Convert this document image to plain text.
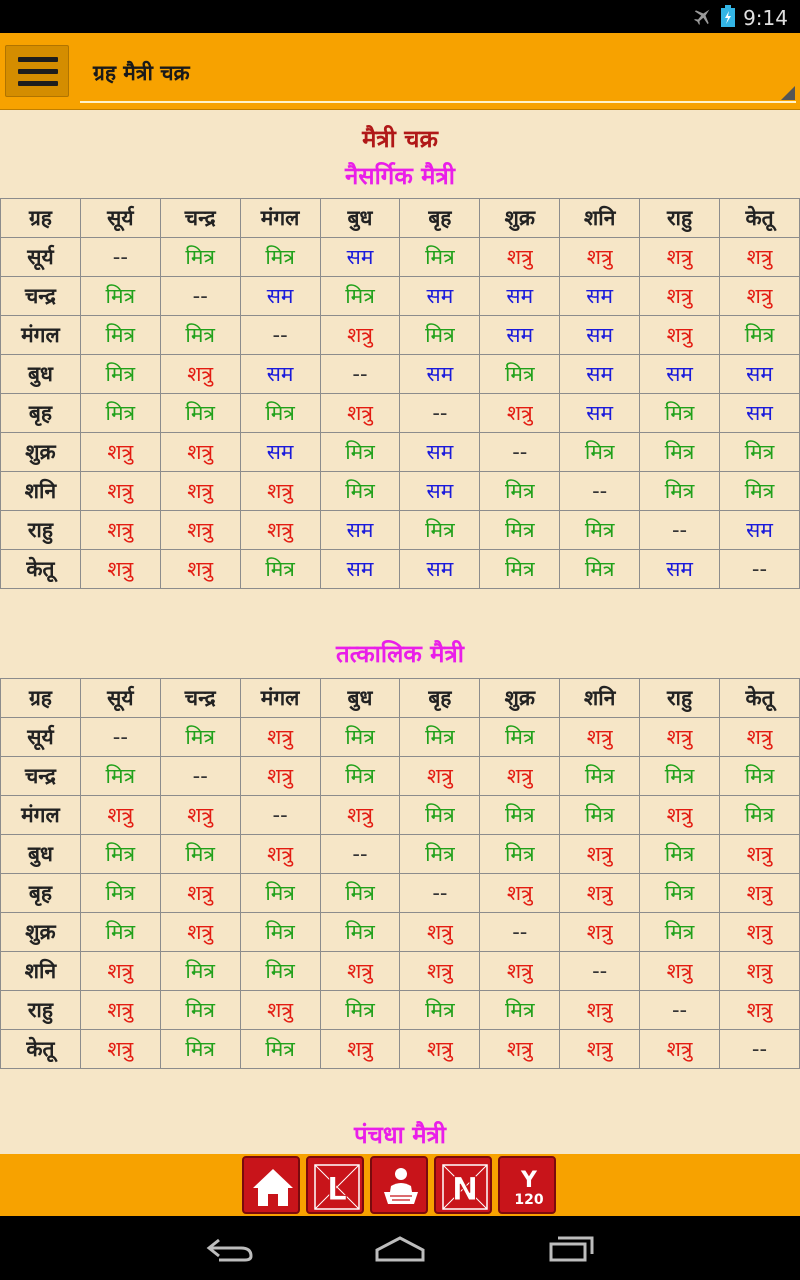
9:14
ग्रह मैत्री चक्र
मैत्री चक्र
नैसर्गिक मैत्री
ग्रह	सूर्य	चन्द्र	मंगल	बुध	बृह	शुक्र	शनि	राहु	केतू
सूर्य	--	मित्र	मित्र	सम	मित्र	शत्रु	शत्रु	शत्रु	शत्रु
चन्द्र	मित्र	--	सम	मित्र	सम	सम	सम	शत्रु	शत्रु
मंगल	मित्र	मित्र	--	शत्रु	मित्र	सम	सम	शत्रु	मित्र
बुध	मित्र	शत्रु	सम	--	सम	मित्र	सम	सम	सम
बृह	मित्र	मित्र	मित्र	शत्रु	--	शत्रु	सम	मित्र	सम
शुक्र	शत्रु	शत्रु	सम	मित्र	सम	--	मित्र	मित्र	मित्र
शनि	शत्रु	शत्रु	शत्रु	मित्र	सम	मित्र	--	मित्र	मित्र
राहु	शत्रु	शत्रु	शत्रु	सम	मित्र	मित्र	मित्र	--	सम
केतू	शत्रु	शत्रु	मित्र	सम	सम	मित्र	मित्र	सम	--
तत्कालिक मैत्री
ग्रह	सूर्य	चन्द्र	मंगल	बुध	बृह	शुक्र	शनि	राहु	केतू
सूर्य	--	मित्र	शत्रु	मित्र	मित्र	मित्र	शत्रु	शत्रु	शत्रु
चन्द्र	मित्र	--	शत्रु	मित्र	शत्रु	शत्रु	मित्र	मित्र	मित्र
मंगल	शत्रु	शत्रु	--	शत्रु	मित्र	मित्र	मित्र	शत्रु	मित्र
बुध	मित्र	मित्र	शत्रु	--	मित्र	मित्र	शत्रु	मित्र	शत्रु
बृह	मित्र	शत्रु	मित्र	मित्र	--	शत्रु	शत्रु	मित्र	शत्रु
शुक्र	मित्र	शत्रु	मित्र	मित्र	शत्रु	--	शत्रु	मित्र	शत्रु
शनि	शत्रु	मित्र	मित्र	शत्रु	शत्रु	शत्रु	--	शत्रु	शत्रु
राहु	शत्रु	मित्र	शत्रु	मित्र	मित्र	मित्र	शत्रु	--	शत्रु
केतू	शत्रु	मित्र	मित्र	शत्रु	शत्रु	शत्रु	शत्रु	शत्रु	--
पंचधा मैत्री
L	N Y
120
